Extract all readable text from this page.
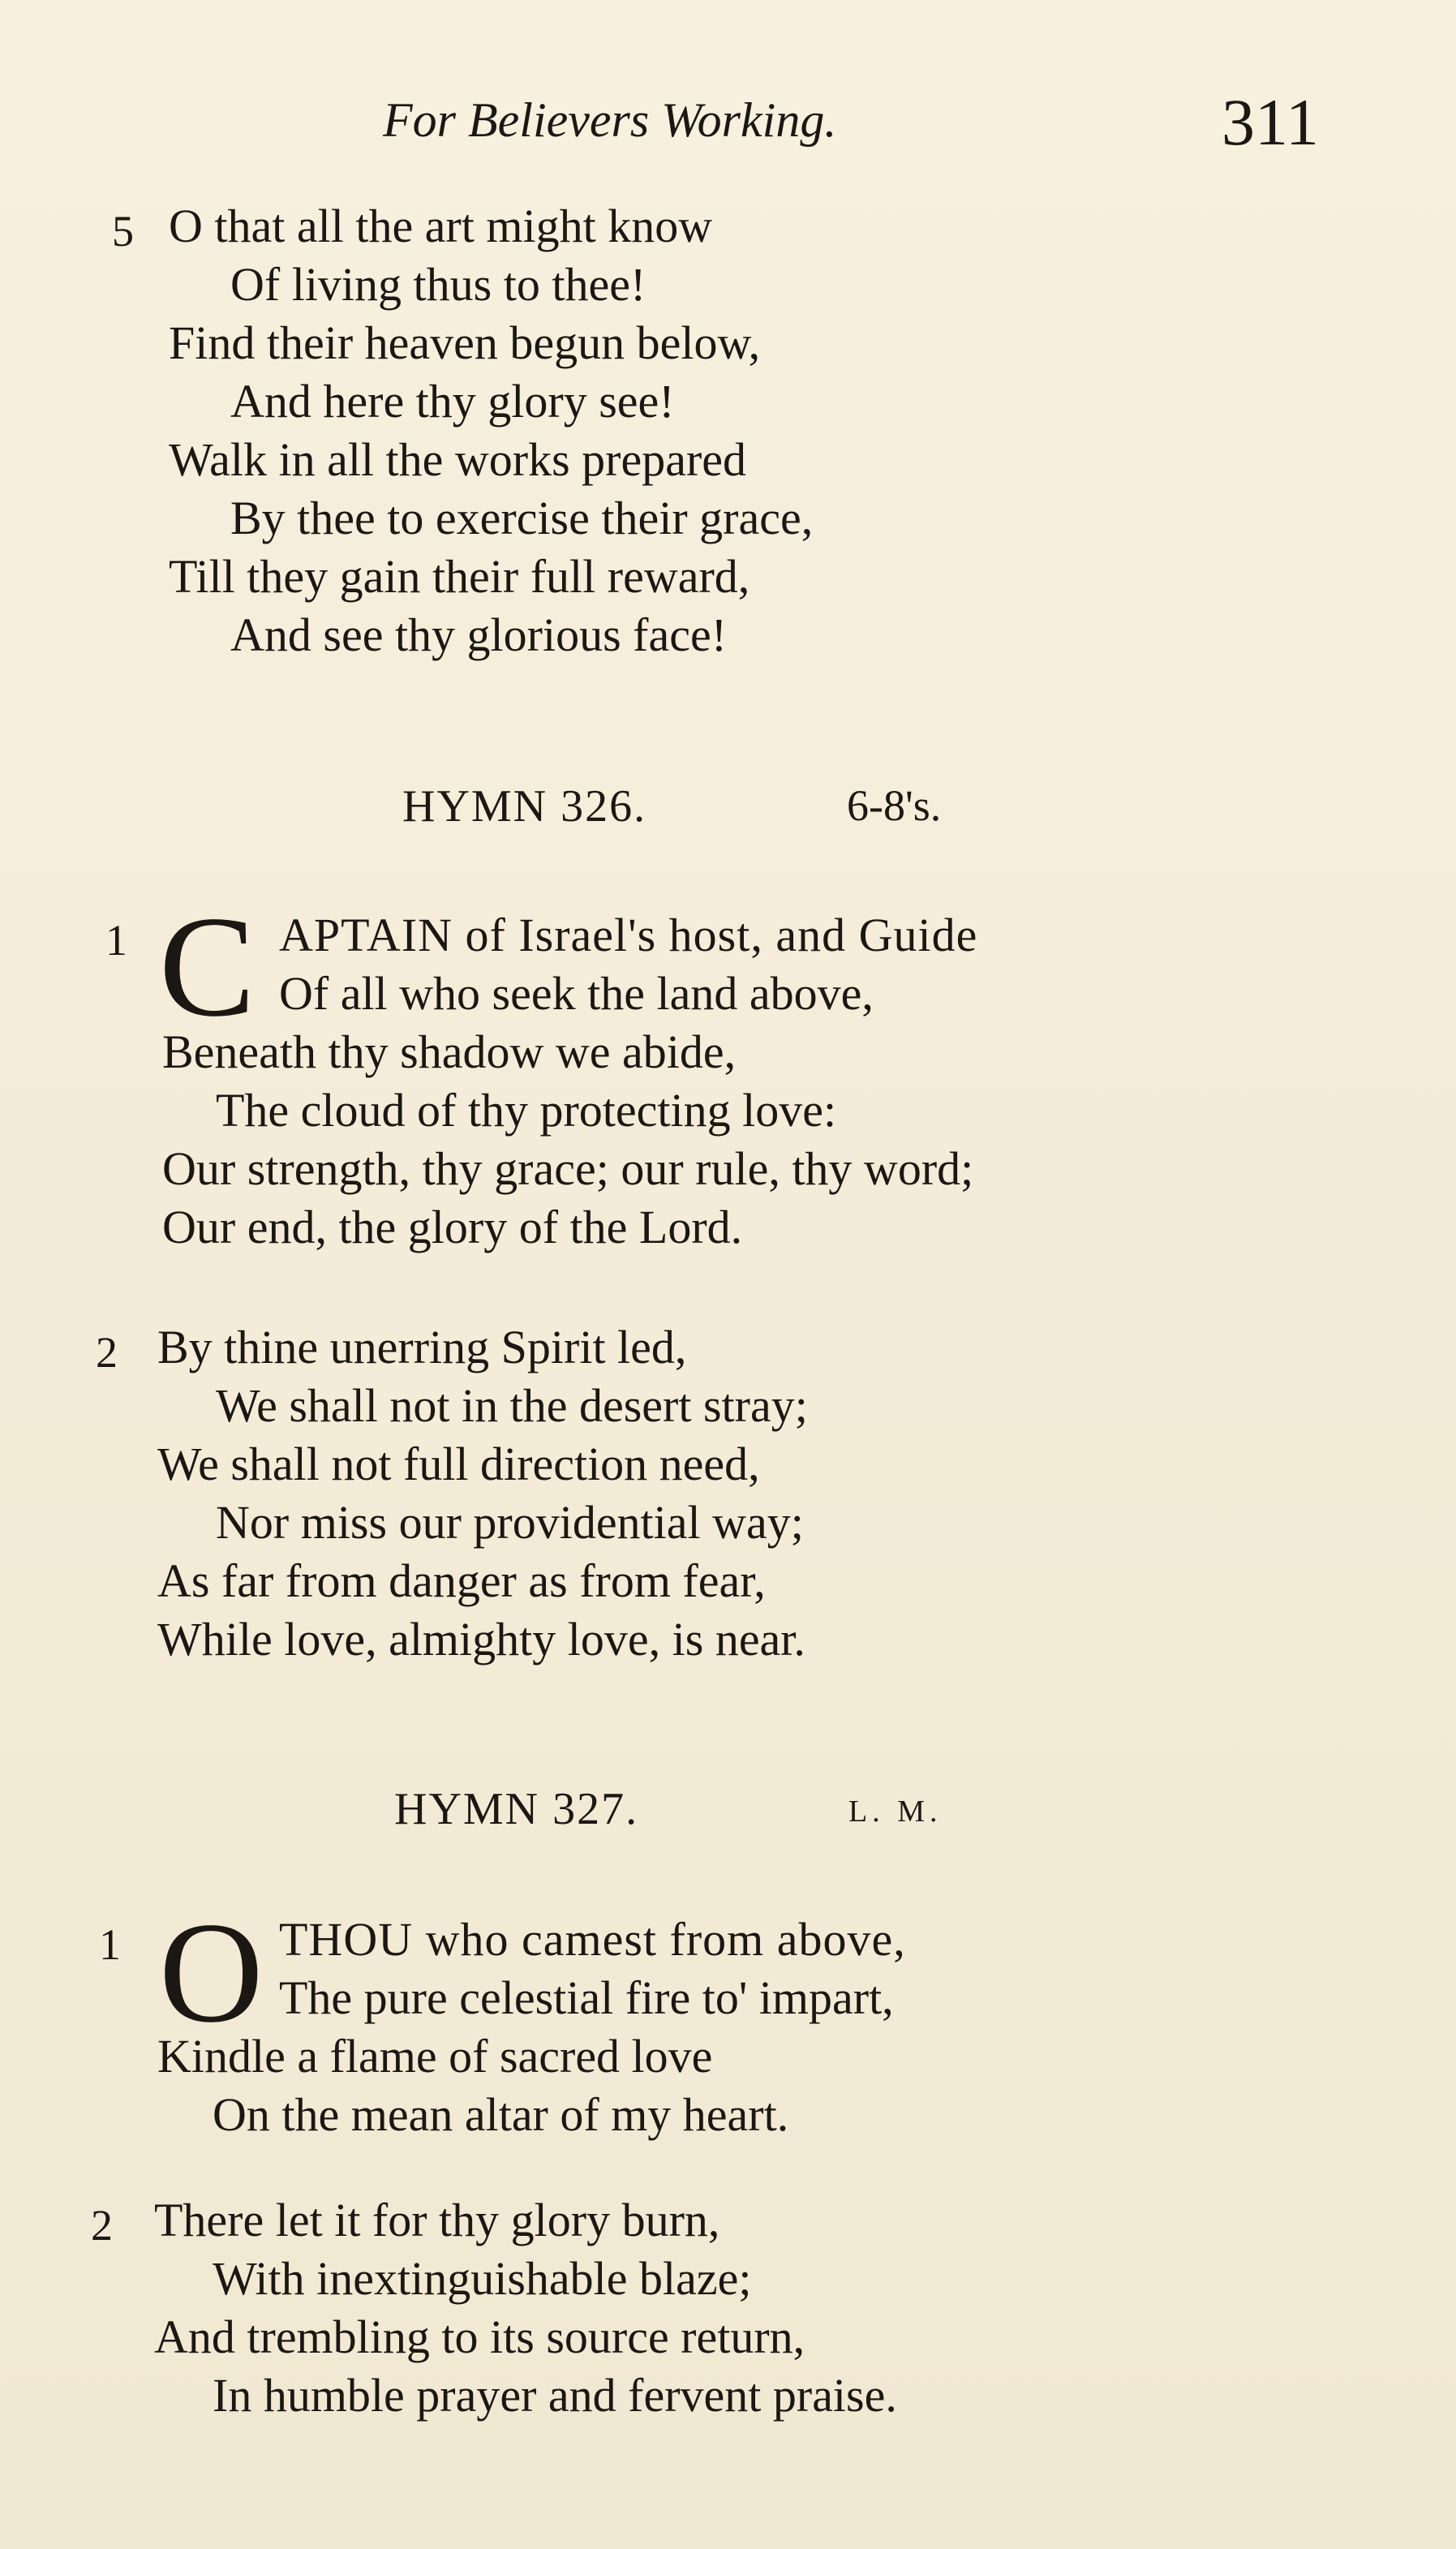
For Believers Working.	311
5 O that all the art might know
Of living thus to thee!
Find their heaven begun below,
And here thy glory see!
Walk in all the works prepared
By thee to exercise their grace,
Till they gain their full reward,
And see thy glorious face!
HYMN 326.	6-8's.
1 C APTAIN of Israel's host, and Guide
Of all who seek the land above,
Beneath thy shadow we abide,
The cloud of thy protecting love:
Our strength, thy grace; our rule, thy word;
Our end, the glory of the Lord.
2 By thine unerring Spirit led,
We shall not in the desert stray;
We shall not full direction need,
Nor miss our providential way;
As far from danger as from fear,
While love, almighty love, is near.
HYMN 327.	L. M.
1 O THOU who camest from above,
The pure celestial fire to' impart,
Kindle a flame of sacred love
On the mean altar of my heart.
2 There let it for thy glory burn,
With inextinguishable blaze;
And trembling to its source return,
In humble prayer and fervent praise.
